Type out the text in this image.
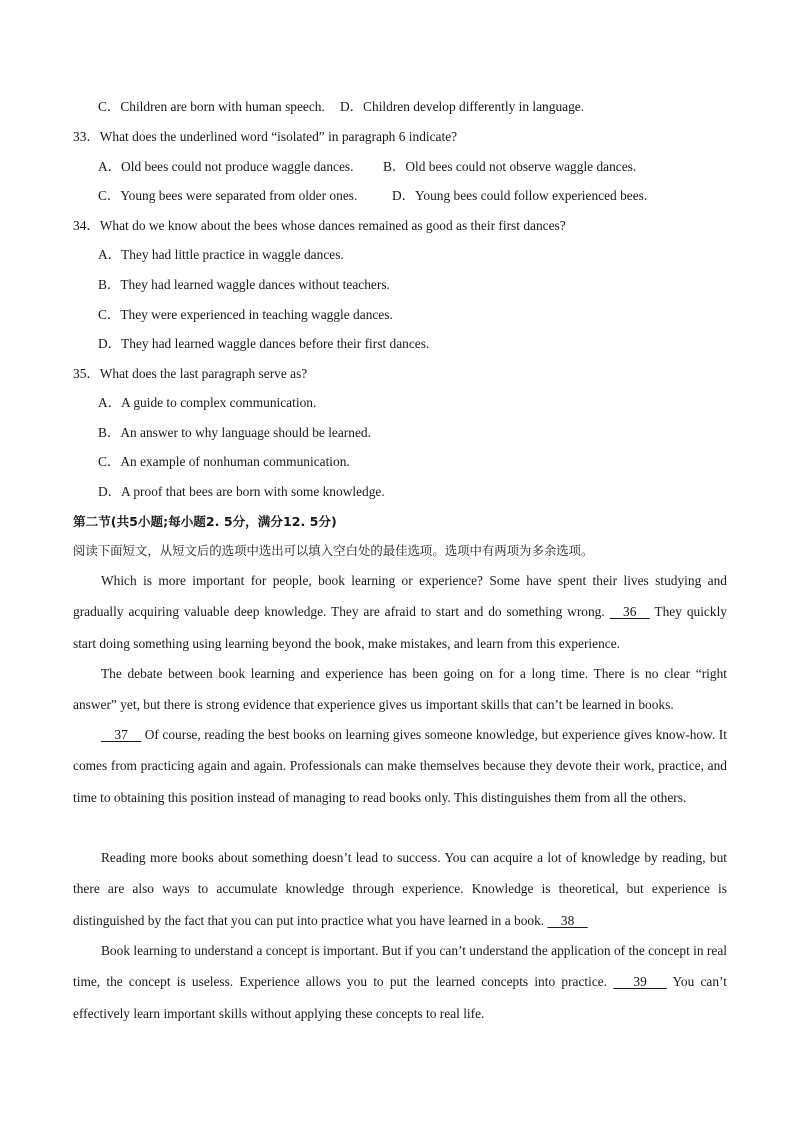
C．Children are born with human speech. D．Children develop differently in language.
33．What does the underlined word “isolated” in paragraph 6 indicate?
A．Old bees could not produce waggle dances. B．Old bees could not observe waggle dances.
C．Young bees were separated from older ones.	D．Young bees could follow experienced bees.
34．What do we know about the bees whose dances remained as good as their first dances?
A．They had little practice in waggle dances.
B．They had learned waggle dances without teachers.
C．They were experienced in teaching waggle dances.
D．They had learned waggle dances before their first dances.
35．What does the last paragraph serve as?
A．A guide to complex communication.
B．An answer to why language should be learned.
C．An example of nonhuman communication.
D．A proof that bees are born with some knowledge.
第二节(共5小题;每小题2. 5分，满分12. 5分)
阅读下面短文，从短文后的选项中选出可以填入空白处的最佳选项。选项中有两项为多余选项。
Which is more important for people, book learning or experience? Some have spent their lives studying and gradually acquiring valuable deep knowledge. They are afraid to start and do something wrong.     36     They quickly start doing something using learning beyond the book, make mistakes, and learn from this experience.
The debate between book learning and experience has been going on for a long time. There is no clear “right answer” yet, but there is strong evidence that experience gives us important skills that can’t be learned in books.
37     Of course, reading the best books on learning gives someone knowledge, but experience gives know-how. It comes from practicing again and again. Professionals can make themselves because they devote their work, practice, and time to obtaining this position instead of managing to read books only. This distinguishes them from all the others.
Reading more books about something doesn’t lead to success. You can acquire a lot of knowledge by reading, but there are also ways to accumulate knowledge through experience. Knowledge is theoretical, but experience is distinguished by the fact that you can put into practice what you have learned in a book.     38
Book learning to understand a concept is important. But if you can’t understand the application of the concept in real time, the concept is useless. Experience allows you to put the learned concepts into practice.       39       You can’t effectively learn important skills without applying these concepts to real life.
